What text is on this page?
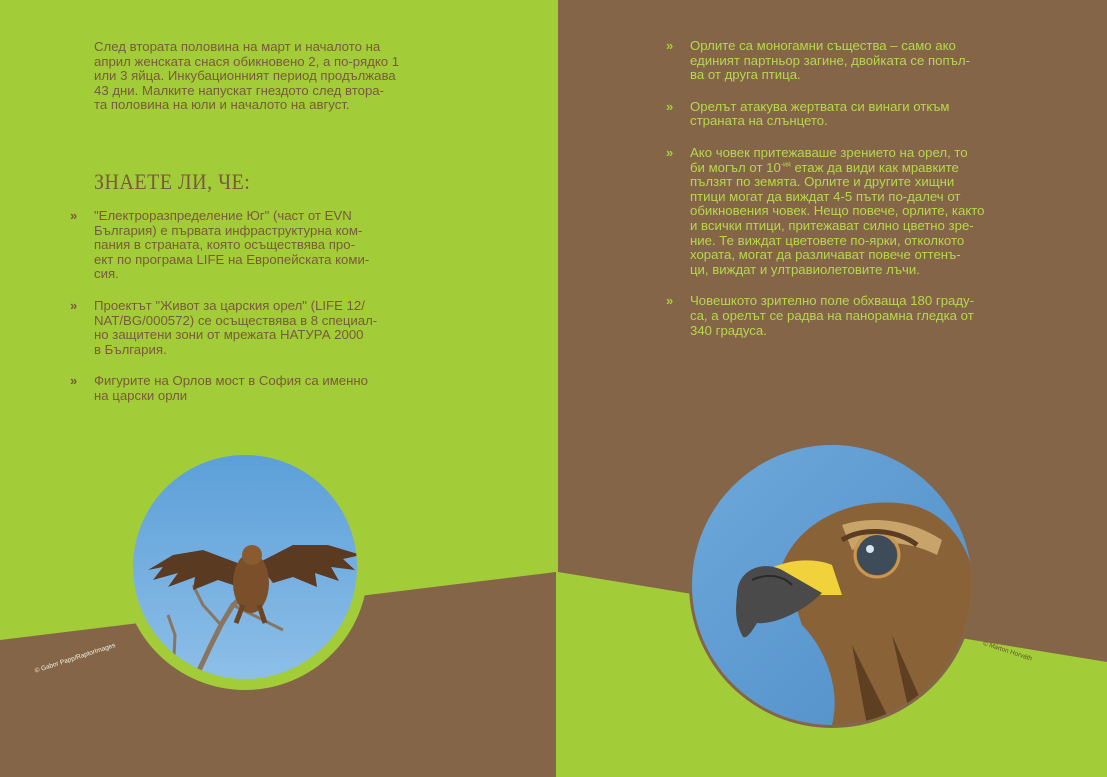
След втората половина на март и началото на
април женската снася обикновено 2, а по-рядко 1
или 3 яйца. Инкубационният период продължава
43 дни. Малките напускат гнездото след втора-
та половина на юли и началото на август.
ЗНАЕТЕ ЛИ, ЧЕ:
» "Електроразпределение Юг" (част от EVN
България) е първата инфраструктурна ком-
пания в страната, която осъществява про-
ект по програма LIFE на Европейската коми-
сия.
» Проектът "Живот за царския орел" (LIFE 12/
NAT/BG/000572) се осъществява в 8 специал-
но защитени зони от мрежата НАТУРА 2000
в България.
» Фигурите на Орлов мост в София са именно
на царски орли
© Gabor Papp/RaptorImages
» Орлите са моногамни същества – само ако
единият партньор загине, двойката се попъл-
ва от друга птица.
» Орелът атакува жертвата си винаги откъм
страната на слънцето.
» Ако човек притежаваше зрението на орел, то
би могъл от $10^{-ия}$ етаж да види как мравките
пълзят по земята. Орлите и другите хищни
птици могат да виждат 4-5 пъти по-далеч от
обикновения човек. Нещо повече, орлите, както
и всички птици, притежават силно цветно зре-
ние. Те виждат цветовете по-ярки, отколкото
хората, могат да различават повече оттенъ-
ци, виждат и ултравиолетовите лъчи.
» Човешкото зрително поле обхваща 180 граду-
са, а орелът се радва на панорамна гледка от
340 градуса.
© Márton Horváth
